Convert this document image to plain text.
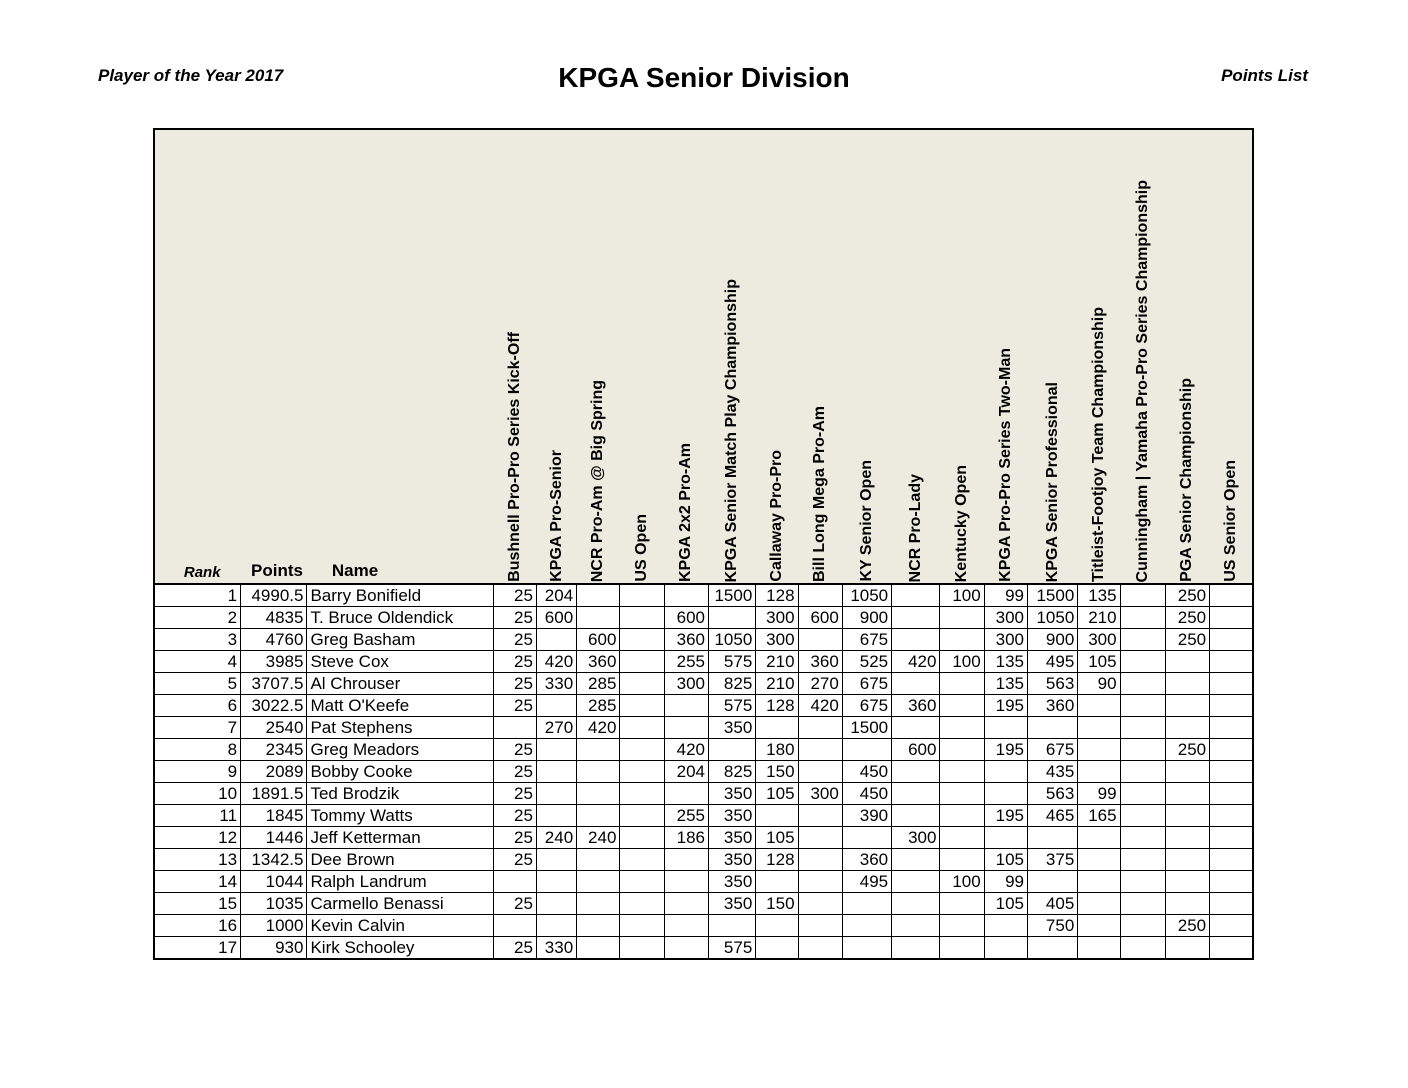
Player of the Year 2017	KPGA Senior Division	Points List
Rank	Points	Name	Bushnell Pro-Pro Series Kick-Off	KPGA Pro-Senior	NCR Pro-Am @ Big Spring	US Open	KPGA 2x2 Pro-Am	KPGA Senior Match Play Championship	Callaway Pro-Pro	Bill Long Mega Pro-Am	KY Senior Open	NCR Pro-Lady	Kentucky Open	KPGA Pro-Pro Series Two-Man	KPGA Senior Professional	Titleist-Footjoy Team Championship	Cunningham | Yamaha Pro-Pro Series Championship	PGA Senior Championship	US Senior Open

1	4990.5	Barry Bonifield	25	204				1500	128		1050		100	99	1500	135		250	
2	4835	T. Bruce Oldendick	25	600			600		300	600	900			300	1050	210		250	
3	4760	Greg Basham	25		600		360	1050	300		675			300	900	300		250	
4	3985	Steve Cox	25	420	360		255	575	210	360	525	420	100	135	495	105			
5	3707.5	Al Chrouser	25	330	285		300	825	210	270	675			135	563	90			
6	3022.5	Matt O'Keefe	25		285			575	128	420	675	360		195	360				
7	2540	Pat Stephens		270	420			350			1500								
8	2345	Greg Meadors	25				420		180			600		195	675			250	
9	2089	Bobby Cooke	25				204	825	150		450				435				
10	1891.5	Ted Brodzik	25					350	105	300	450				563	99			
11	1845	Tommy Watts	25				255	350			390			195	465	165			
12	1446	Jeff Ketterman	25	240	240		186	350	105			300							
13	1342.5	Dee Brown	25					350	128		360			105	375				
14	1044	Ralph Landrum						350			495		100	99					
15	1035	Carmello Benassi	25					350	150					105	405				
16	1000	Kevin Calvin													750			250	
17	930	Kirk Schooley	25	330				575											
